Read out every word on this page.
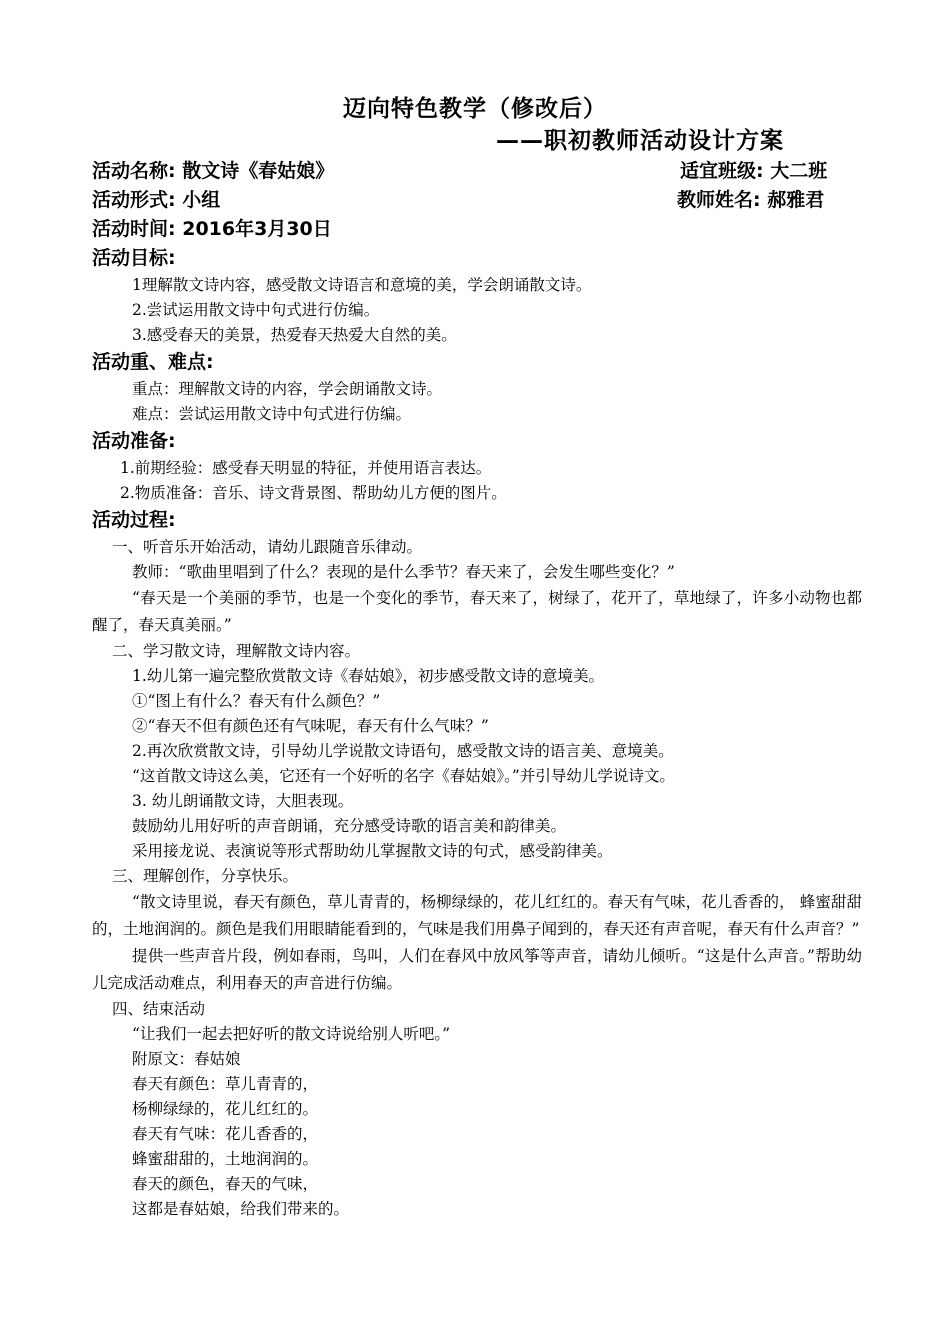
迈向特色教学（修改后）
——职初教师活动设计方案
活动名称: 散文诗《春姑娘》	适宜班级: 大二班
活动形式: 小组	教师姓名: 郝雅君
活动时间: 2016年3月30日
活动目标:
1理解散文诗内容，感受散文诗语言和意境的美，学会朗诵散文诗。
2.尝试运用散文诗中句式进行仿编。
3.感受春天的美景，热爱春天热爱大自然的美。
活动重、难点:
重点：理解散文诗的内容，学会朗诵散文诗。
难点：尝试运用散文诗中句式进行仿编。
活动准备:
1.前期经验：感受春天明显的特征，并使用语言表达。
2.物质准备：音乐、诗文背景图、帮助幼儿方便的图片。
活动过程:
一、听音乐开始活动，请幼儿跟随音乐律动。
教师：“歌曲里唱到了什么？表现的是什么季节？春天来了，会发生哪些变化？”
“春天是一个美丽的季节，也是一个变化的季节，春天来了，树绿了，花开了，草地绿了，许多小动物也都醒了，春天真美丽。”
二、学习散文诗，理解散文诗内容。
1.幼儿第一遍完整欣赏散文诗《春姑娘》，初步感受散文诗的意境美。
①“图上有什么？春天有什么颜色？”
②“春天不但有颜色还有气味呢，春天有什么气味？”
2.再次欣赏散文诗，引导幼儿学说散文诗语句，感受散文诗的语言美、意境美。
“这首散文诗这么美，它还有一个好听的名字《春姑娘》。”并引导幼儿学说诗文。
3. 幼儿朗诵散文诗，大胆表现。
鼓励幼儿用好听的声音朗诵，充分感受诗歌的语言美和韵律美。
采用接龙说、表演说等形式帮助幼儿掌握散文诗的句式，感受韵律美。
三、理解创作，分享快乐。
“散文诗里说，春天有颜色，草儿青青的，杨柳绿绿的，花儿红红的。春天有气味，花儿香香的， 蜂蜜甜甜的，土地润润的。颜色是我们用眼睛能看到的，气味是我们用鼻子闻到的，春天还有声音呢，春天有什么声音？”
提供一些声音片段，例如春雨，鸟叫，人们在春风中放风筝等声音，请幼儿倾听。“这是什么声音。”帮助幼儿完成活动难点，利用春天的声音进行仿编。
四、结束活动
“让我们一起去把好听的散文诗说给别人听吧。”
附原文：春姑娘
春天有颜色：草儿青青的，
杨柳绿绿的，花儿红红的。
春天有气味：花儿香香的，
蜂蜜甜甜的，土地润润的。
春天的颜色，春天的气味，
这都是春姑娘，给我们带来的。
